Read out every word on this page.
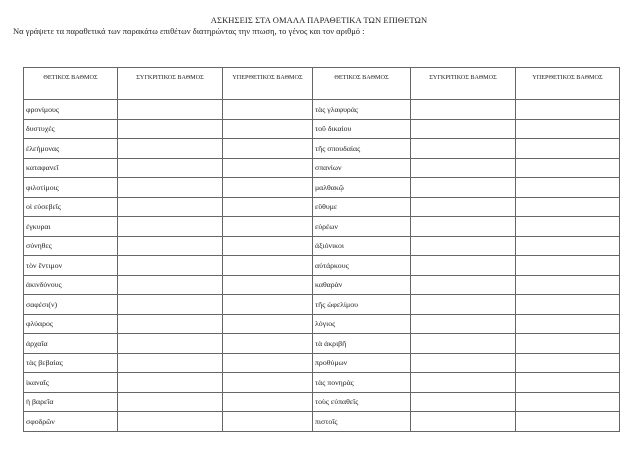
ΑΣΚΗΣΕΙΣ ΣΤΑ ΟΜΑΛΑ ΠΑΡΑΘΕΤΙΚΑ ΤΩΝ ΕΠΙΘΕΤΩΝ
Να γράψετε τα παραθετικά των παρακάτω επιθέτων διατηρώντας την πτωση, το γένος και τον αριθμό :
ΘΕΤΙΚΟΣ ΒΑΘΜΟΣ	ΣΥΓΚΡΙΤΙΚΟΣ ΒΑΘΜΟΣ	ΥΠΕΡΘΕΤΙΚΟΣ ΒΑΘΜΟΣ	ΘΕΤΙΚΟΣ ΒΑΘΜΟΣ	ΣΥΓΚΡΙΤΙΚΟΣ ΒΑΘΜΟΣ	ΥΠΕΡΘΕΤΙΚΟΣ ΒΑΘΜΟΣ
φρονίμους			τὰς γλαφυράς		
δυστυχές			τοῦ δικαίου		
ἐλεήμονας			τῆς σπουδαίας		
καταφανεῖ			σπανίων		
φιλοτίμοις			μαλθακῷ		
οἱ εὐσεβεῖς			εὔθυμε		
ἐγκυραι			εὐρέων		
σύνηθες			ἀξιόνικοι		
τὸν ἔντιμον			αὐτάρκους		
ἀκινδύνους			καθαρὰν		
σαφέσι(ν)			τῆς ὠφελίμου		
φλύαρος			λόγιος		
ἀρχαῖα			τὰ ἀκριβῆ		
τὰς βεβαίας			προθύμων		
ἱκαναῖς			τὰς πονηρὰς		
ἡ βαρεῖα			τοὺς εὐπαθεῖς		
σφοδρῶν			πιστοῖς		
